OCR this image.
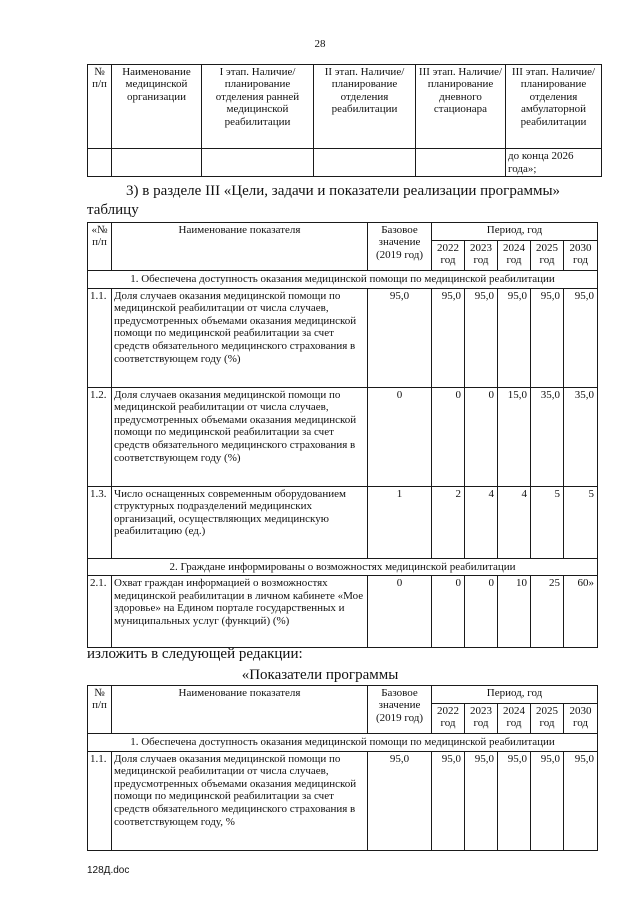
28
№ п/п	Наименование медицинской организации	I этап. Наличие/ планирование отделения ранней медицинской реабилитации	II этап. Наличие/ планирование отделения реабилитации	III этап. Наличие/ планирование дневного стационара	III этап. Наличие/ планирование отделения амбулаторной реабилитации
					до конца 2026 года»;
3) в разделе III «Цели, задачи и показатели реализации программы»
таблицу
«№ п/п	Наименование показателя	Базовое значение (2019 год)	Период, год				
			2022 год	2023 год	2024 год	2025 год	2030 год
1. Обеспечена доступность оказания медицинской помощи по медицинской реабилитации							
1.1.	Доля случаев оказания медицинской помощи по медицинской реабилитации от числа случаев, предусмотренных объемами оказания медицинской помощи по медицинской реабилитации за счет средств обязательного медицинского страхования в соответствующем году (%)	95,0	95,0	95,0	95,0	95,0	95,0
1.2.	Доля случаев оказания медицинской помощи по медицинской реабилитации от числа случаев, предусмотренных объемами оказания медицинской помощи по медицинской реабилитации за счет средств обязательного медицинского страхования в соответствующем году (%)	0	0	0	15,0	35,0	35,0
1.3.	Число оснащенных современным оборудованием структурных подразделений медицинских организаций, осуществляющих медицинскую реабилитацию (ед.)	1	2	4	4	5	5
2. Граждане информированы о возможностях медицинской реабилитации							
2.1.	Охват граждан информацией о возможностях медицинской реабилитации в личном кабинете «Мое здоровье» на Едином портале государственных и муниципальных услуг (функций) (%)	0	0	0	10	25	60»
изложить в следующей редакции:
«Показатели программы
№ п/п	Наименование показателя	Базовое значение (2019 год)	Период, год				
			2022 год	2023 год	2024 год	2025 год	2030 год
1. Обеспечена доступность оказания медицинской помощи по медицинской реабилитации							
1.1.	Доля случаев оказания медицинской помощи по медицинской реабилитации от числа случаев, предусмотренных объемами оказания медицинской помощи по медицинской реабилитации за счет средств обязательного медицинского страхования в соответствующем году, %	95,0	95,0	95,0	95,0	95,0	95,0
128Д.doc
